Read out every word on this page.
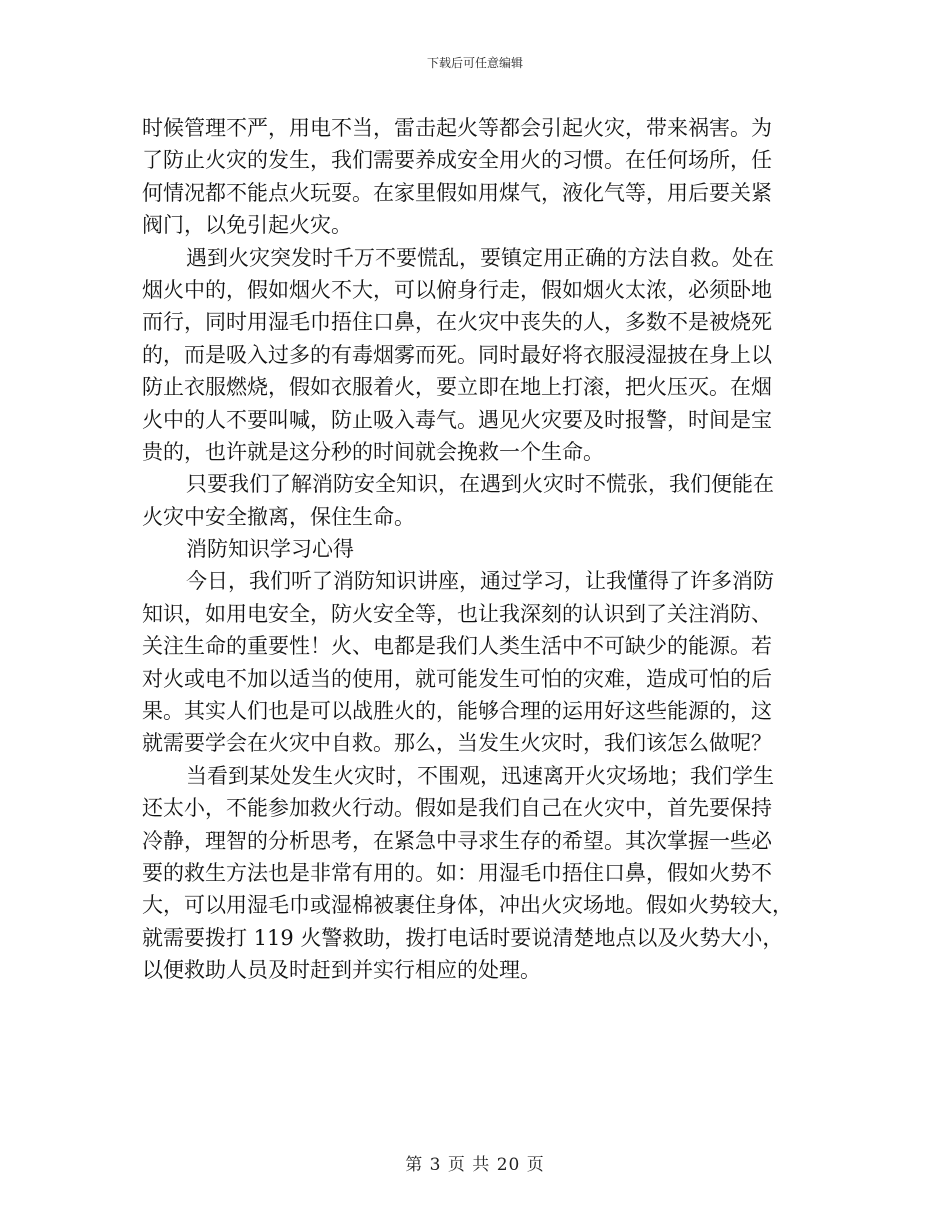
下载后可任意编辑
时候管理不严，用电不当，雷击起火等都会引起火灾，带来祸害。为
了防止火灾的发生，我们需要养成安全用火的习惯。在任何场所，任
何情况都不能点火玩耍。在家里假如用煤气，液化气等，用后要关紧
阀门，以免引起火灾。
遇到火灾突发时千万不要慌乱，要镇定用正确的方法自救。处在
烟火中的，假如烟火不大，可以俯身行走，假如烟火太浓，必须卧地
而行，同时用湿毛巾捂住口鼻，在火灾中丧失的人，多数不是被烧死
的，而是吸入过多的有毒烟雾而死。同时最好将衣服浸湿披在身上以
防止衣服燃烧，假如衣服着火，要立即在地上打滚，把火压灭。在烟
火中的人不要叫喊，防止吸入毒气。遇见火灾要及时报警，时间是宝
贵的，也许就是这分秒的时间就会挽救一个生命。
只要我们了解消防安全知识，在遇到火灾时不慌张，我们便能在
火灾中安全撤离，保住生命。
消防知识学习心得
今日，我们听了消防知识讲座，通过学习，让我懂得了许多消防
知识，如用电安全，防火安全等，也让我深刻的认识到了关注消防、
关注生命的重要性！火、电都是我们人类生活中不可缺少的能源。若
对火或电不加以适当的使用，就可能发生可怕的灾难，造成可怕的后
果。其实人们也是可以战胜火的，能够合理的运用好这些能源的，这
就需要学会在火灾中自救。那么，当发生火灾时，我们该怎么做呢？
当看到某处发生火灾时，不围观，迅速离开火灾场地；我们学生
还太小，不能参加救火行动。假如是我们自己在火灾中，首先要保持
冷静，理智的分析思考，在紧急中寻求生存的希望。其次掌握一些必
要的救生方法也是非常有用的。如：用湿毛巾捂住口鼻，假如火势不
大，可以用湿毛巾或湿棉被裹住身体，冲出火灾场地。假如火势较大，
就需要拨打 119 火警救助，拨打电话时要说清楚地点以及火势大小，
以便救助人员及时赶到并实行相应的处理。
第 3 页 共 20 页
